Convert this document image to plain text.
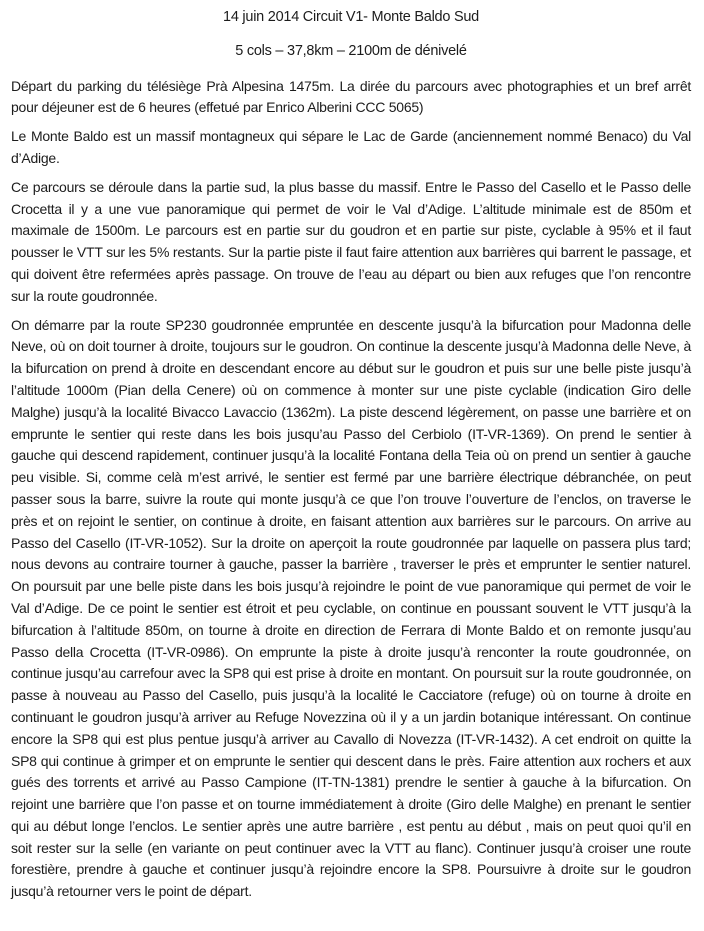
14 juin 2014 Circuit V1- Monte Baldo Sud

5 cols – 37,8km – 2100m de dénivelé

Départ du parking du télésiège Prà Alpesina 1475m. La dirée du parcours avec photographies et un bref arrêt pour déjeuner est de 6 heures (effetué par Enrico Alberini CCC 5065)

Le Monte Baldo est un massif montagneux qui sépare le Lac de Garde (anciennement nommé Benaco) du Val d’Adige.

Ce parcours se déroule dans la partie sud, la plus basse du massif. Entre le Passo del Casello et le Passo delle Crocetta il y a une vue panoramique qui permet de voir le Val d’Adige. L’altitude minimale est de 850m et maximale de 1500m. Le parcours est en partie sur du goudron et en partie sur piste, cyclable à 95% et il faut pousser le VTT sur les 5% restants. Sur la partie piste il faut faire attention aux barrières qui barrent le passage, et qui doivent être refermées après passage. On trouve de l’eau au départ ou bien aux refuges que l’on rencontre sur la route goudronnée.

On démarre par la route SP230 goudronnée empruntée en descente jusqu’à la bifurcation pour Madonna delle Neve, où on doit tourner à droite, toujours sur le goudron. On continue la descente jusqu’à Madonna delle Neve, à la bifurcation on prend à droite en descendant encore au début sur le goudron et puis sur une belle piste jusqu’à l’altitude 1000m (Pian della Cenere) où on commence à monter sur une piste cyclable (indication Giro delle Malghe) jusqu’à la localité Bivacco Lavaccio (1362m). La piste descend légèrement, on passe une barrière et on emprunte le sentier qui reste dans les bois jusqu’au Passo del Cerbiolo (IT-VR-1369). On prend le sentier à gauche qui descend rapidement, continuer jusqu’à la localité Fontana della Teia où on prend un sentier à gauche peu visible. Si, comme celà m’est arrivé, le sentier est fermé par une barrière électrique débranchée, on peut passer sous la barre, suivre la route qui monte jusqu’à ce que l’on trouve l’ouverture de l’enclos, on traverse le près et on rejoint le sentier, on continue à droite, en faisant attention aux barrières sur le parcours. On arrive au Passo del Casello (IT-VR-1052). Sur la droite on aperçoit la route goudronnée par laquelle on passera plus tard; nous devons au contraire tourner à gauche, passer la barrière , traverser le près et emprunter le sentier naturel. On poursuit par une belle piste dans les bois jusqu’à rejoindre le point de vue panoramique qui permet de voir le Val d’Adige. De ce point le sentier est étroit et peu cyclable, on continue en poussant souvent le VTT jusqu’à la bifurcation à l’altitude 850m, on tourne à droite en direction de Ferrara di Monte Baldo et on remonte jusqu’au Passo della Crocetta (IT-VR-0986). On emprunte la piste à droite jusqu’à renconter la route goudronnée, on continue jusqu’au carrefour avec la SP8 qui est prise à droite en montant. On poursuit sur la route goudronnée, on passe à nouveau au Passo del Casello, puis jusqu’à la localité le Cacciatore (refuge) où on tourne à droite en continuant le goudron jusqu’à arriver au Refuge Novezzina où il y a un jardin botanique intéressant. On continue encore la SP8 qui est plus pentue jusqu’à arriver au Cavallo di Novezza (IT-VR-1432). A cet endroit on quitte la SP8 qui continue à grimper et on emprunte le sentier qui descent dans le près. Faire attention aux rochers et aux gués des torrents et arrivé au Passo Campione (IT-TN-1381) prendre le sentier à gauche à la bifurcation. On rejoint une barrière que l’on passe et on tourne immédiatement à droite (Giro delle Malghe) en prenant le sentier qui au début longe l’enclos. Le sentier après une autre barrière , est pentu au début , mais on peut quoi qu’il en soit rester sur la selle (en variante on peut continuer avec la VTT au flanc). Continuer jusqu’à croiser une route forestière, prendre à gauche et continuer jusqu’à rejoindre encore la SP8. Poursuivre à droite sur le goudron jusqu’à retourner vers le point de départ.
